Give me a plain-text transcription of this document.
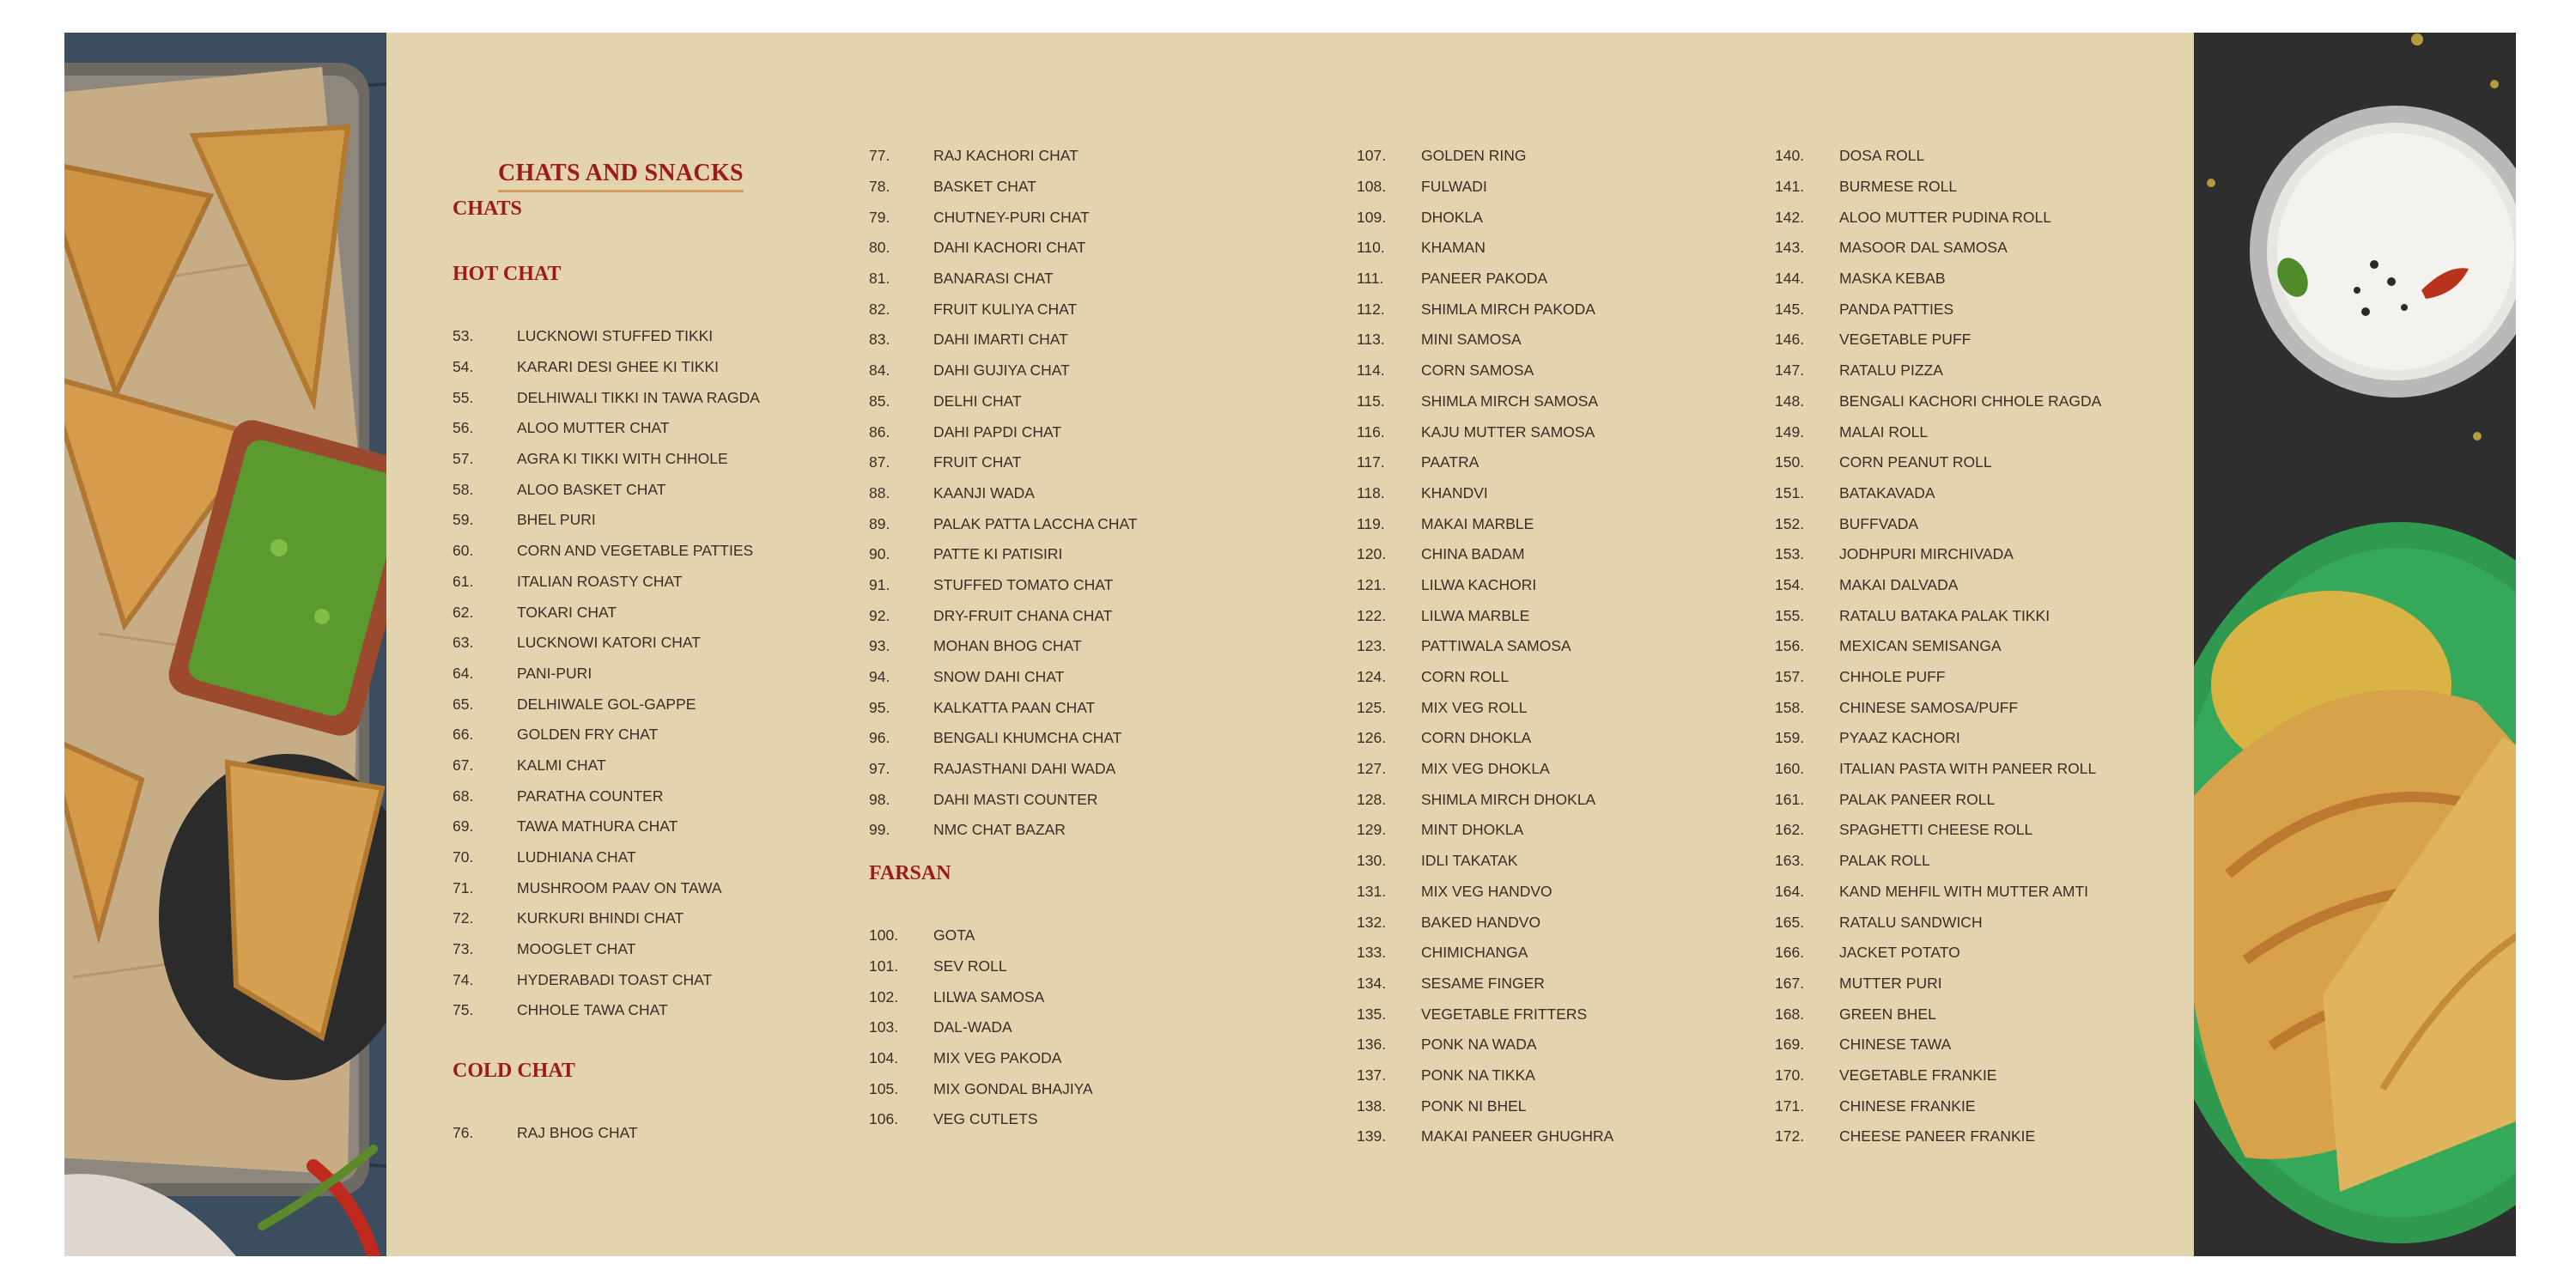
CHATS AND SNACKS
CHATS
HOT CHAT
53.	LUCKNOWI STUFFED TIKKI
54.	KARARI DESI GHEE KI TIKKI
55.	DELHIWALI TIKKI IN TAWA RAGDA
56.	ALOO MUTTER CHAT
57.	AGRA KI TIKKI WITH CHHOLE
58.	ALOO BASKET CHAT
59.	BHEL PURI
60.	CORN AND VEGETABLE PATTIES
61.	ITALIAN ROASTY CHAT
62.	TOKARI CHAT
63.	LUCKNOWI KATORI CHAT
64.	PANI-PURI
65.	DELHIWALE GOL-GAPPE
66.	GOLDEN FRY CHAT
67.	KALMI CHAT
68.	PARATHA COUNTER
69.	TAWA MATHURA CHAT
70.	LUDHIANA CHAT
71.	MUSHROOM PAAV ON TAWA
72.	KURKURI BHINDI CHAT
73.	MOOGLET CHAT
74.	HYDERABADI TOAST CHAT
75.	CHHOLE TAWA CHAT
COLD CHAT
76.	RAJ BHOG CHAT
77.	RAJ KACHORI CHAT
78.	BASKET CHAT
79.	CHUTNEY-PURI CHAT
80.	DAHI KACHORI CHAT
81.	BANARASI CHAT
82.	FRUIT KULIYA CHAT
83.	DAHI IMARTI CHAT
84.	DAHI GUJIYA CHAT
85.	DELHI CHAT
86.	DAHI PAPDI CHAT
87.	FRUIT CHAT
88.	KAANJI WADA
89.	PALAK PATTA LACCHA CHAT
90.	PATTE KI PATISIRI
91.	STUFFED TOMATO CHAT
92.	DRY-FRUIT CHANA CHAT
93.	MOHAN BHOG CHAT
94.	SNOW DAHI CHAT
95.	KALKATTA PAAN CHAT
96.	BENGALI KHUMCHA CHAT
97.	RAJASTHANI DAHI WADA
98.	DAHI MASTI COUNTER
99.	NMC CHAT BAZAR
FARSAN
100.	GOTA
101.	SEV ROLL
102.	LILWA SAMOSA
103.	DAL-WADA
104.	MIX VEG PAKODA
105.	MIX GONDAL BHAJIYA
106.	VEG CUTLETS
107.	GOLDEN RING
108.	FULWADI
109.	DHOKLA
110.	KHAMAN
111.	PANEER PAKODA
112.	SHIMLA MIRCH PAKODA
113.	MINI SAMOSA
114.	CORN SAMOSA
115.	SHIMLA MIRCH SAMOSA
116.	KAJU MUTTER SAMOSA
117.	PAATRA
118.	KHANDVI
119.	MAKAI MARBLE
120.	CHINA BADAM
121.	LILWA KACHORI
122.	LILWA MARBLE
123.	PATTIWALA SAMOSA
124.	CORN ROLL
125.	MIX VEG ROLL
126.	CORN DHOKLA
127.	MIX VEG DHOKLA
128.	SHIMLA MIRCH DHOKLA
129.	MINT DHOKLA
130.	IDLI TAKATAK
131.	MIX VEG HANDVO
132.	BAKED HANDVO
133.	CHIMICHANGA
134.	SESAME FINGER
135.	VEGETABLE FRITTERS
136.	PONK NA WADA
137.	PONK NA TIKKA
138.	PONK NI BHEL
139.	MAKAI PANEER GHUGHRA
140.	DOSA ROLL
141.	BURMESE ROLL
142.	ALOO MUTTER PUDINA ROLL
143.	MASOOR DAL SAMOSA
144.	MASKA KEBAB
145.	PANDA PATTIES
146.	VEGETABLE PUFF
147.	RATALU PIZZA
148.	BENGALI KACHORI CHHOLE RAGDA
149.	MALAI ROLL
150.	CORN PEANUT ROLL
151.	BATAKAVADA
152.	BUFFVADA
153.	JODHPURI MIRCHIVADA
154.	MAKAI DALVADA
155.	RATALU BATAKA PALAK TIKKI
156.	MEXICAN SEMISANGA
157.	CHHOLE PUFF
158.	CHINESE SAMOSA/PUFF
159.	PYAAZ KACHORI
160.	ITALIAN PASTA WITH PANEER ROLL
161.	PALAK PANEER ROLL
162.	SPAGHETTI CHEESE ROLL
163.	PALAK ROLL
164.	KAND MEHFIL WITH MUTTER AMTI
165.	RATALU SANDWICH
166.	JACKET POTATO
167.	MUTTER PURI
168.	GREEN BHEL
169.	CHINESE TAWA
170.	VEGETABLE FRANKIE
171.	CHINESE FRANKIE
172.	CHEESE PANEER FRANKIE
